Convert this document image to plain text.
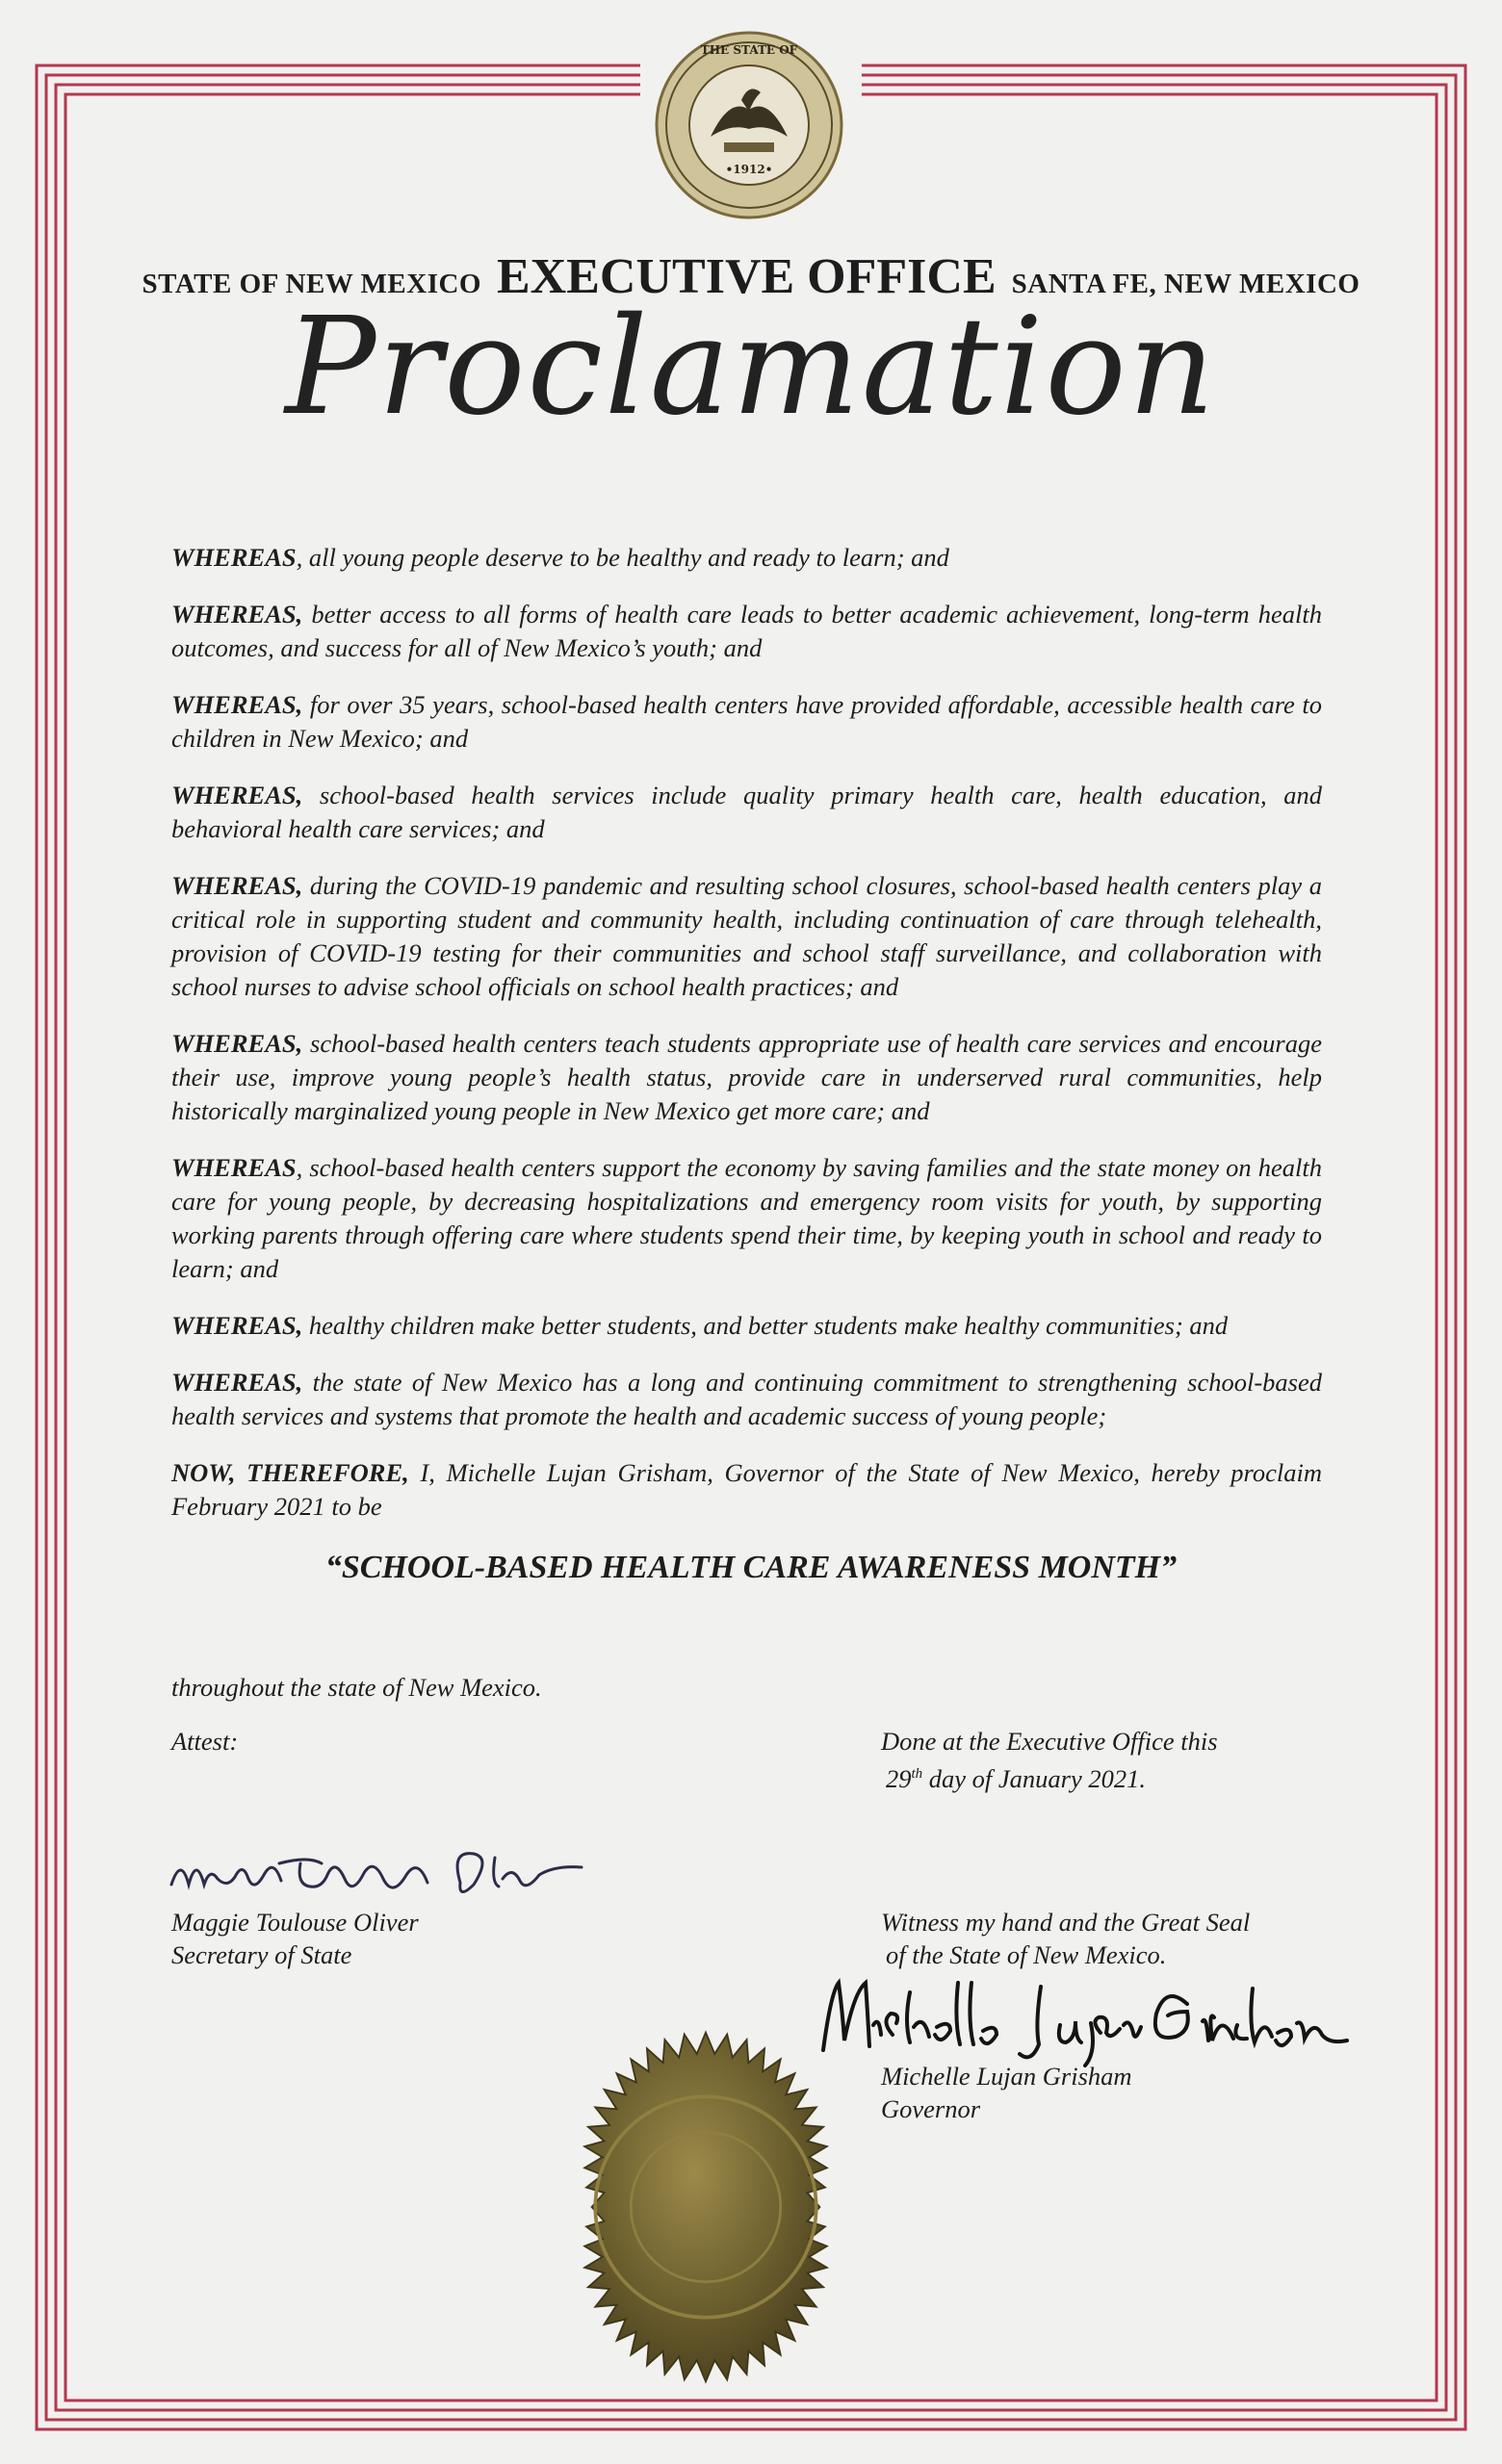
•1912•
THE STATE OF
STATE OF NEW MEXICO EXECUTIVE OFFICE SANTA FE, NEW MEXICO
Proclamation

WHEREAS, all young people deserve to be healthy and ready to learn; and

WHEREAS, better access to all forms of health care leads to better academic achievement, long-term health outcomes, and success for all of New Mexico’s youth; and

WHEREAS, for over 35 years, school-based health centers have provided affordable, accessible health care to children in New Mexico; and

WHEREAS, school-based health services include quality primary health care, health education, and behavioral health care services; and

WHEREAS, during the COVID-19 pandemic and resulting school closures, school-based health centers play a critical role in supporting student and community health, including continuation of care through telehealth, provision of COVID-19 testing for their communities and school staff surveillance, and collaboration with school nurses to advise school officials on school health practices; and

WHEREAS, school-based health centers teach students appropriate use of health care services and encourage their use, improve young people’s health status, provide care in underserved rural communities, help historically marginalized young people in New Mexico get more care; and

WHEREAS, school-based health centers support the economy by saving families and the state money on health care for young people, by decreasing hospitalizations and emergency room visits for youth, by supporting working parents through offering care where students spend their time, by keeping youth in school and ready to learn; and

WHEREAS, healthy children make better students, and better students make healthy communities; and

WHEREAS, the state of New Mexico has a long and continuing commitment to strengthening school-based health services and systems that promote the health and academic success of young people;

NOW, THEREFORE, I, Michelle Lujan Grisham, Governor of the State of New Mexico, hereby proclaim February 2021 to be

“SCHOOL-BASED HEALTH CARE AWARENESS MONTH”
throughout the state of New Mexico.
Attest:	Done at the Executive Office this
29th day of January 2021.
Maggie Toulouse Oliver
Secretary of State
Witness my hand and the Great Seal
of the State of New Mexico.
Michelle Lujan Grisham
Governor
